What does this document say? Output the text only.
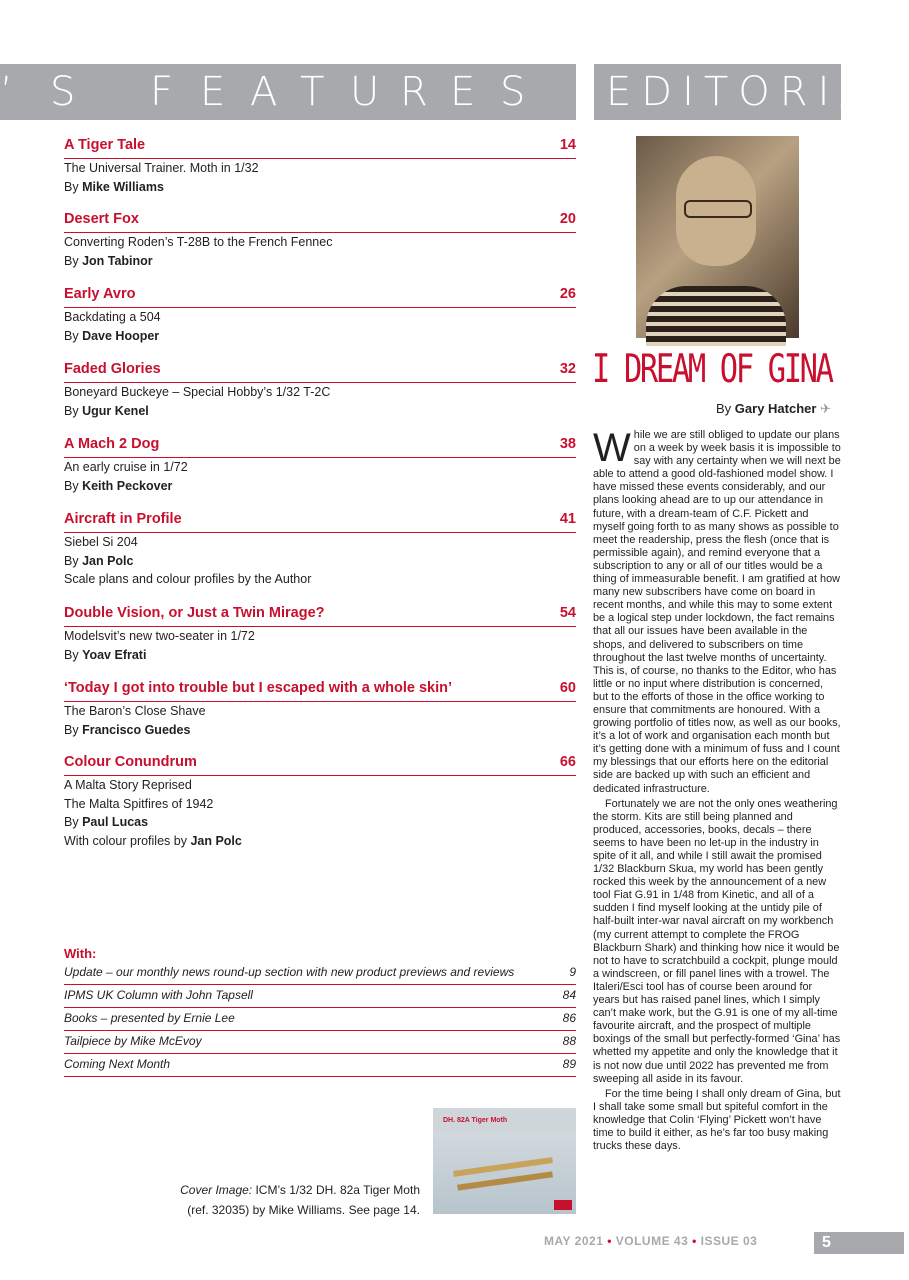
’ S F E A T U R E S	EDITORIAL
A Tiger Tale	14
The Universal Trainer. Moth in 1/32
By Mike Williams
Desert Fox	20
Converting Roden’s T-28B to the French Fennec
By Jon Tabinor
Early Avro	26
Backdating a 504
By Dave Hooper
Faded Glories	32
Boneyard Buckeye – Special Hobby’s 1/32 T-2C
By Ugur Kenel
A Mach 2 Dog	38
An early cruise in 1/72
By Keith Peckover
Aircraft in Profile	41
Siebel Si 204
By Jan Polc
Scale plans and colour profiles by the Author
Double Vision, or Just a Twin Mirage?	54
Modelsvit’s new two-seater in 1/72
By Yoav Efrati
‘Today I got into trouble but I escaped with a whole skin’	60
The Baron’s Close Shave
By Francisco Guedes
Colour Conundrum	66
A Malta Story Reprised
The Malta Spitfires of 1942
By Paul Lucas
With colour profiles by Jan Polc
With:
Update – our monthly news round-up section with new product previews and reviews	9
IPMS UK Column with John Tapsell	84
Books – presented by Ernie Lee	86
Tailpiece by Mike McEvoy	88
Coming Next Month	89
I DREAM OF GINA
By Gary Hatcher ✈

While we are still obliged to update our plans on a week by week basis it is impossible to say with any certainty when we will next be able to attend a good old-fashioned model show. I have missed these events considerably, and our plans looking ahead are to up our attendance in future, with a dream-team of C.F. Pickett and myself going forth to as many shows as possible to meet the readership, press the flesh (once that is permissible again), and remind everyone that a subscription to any or all of our titles would be a thing of immeasurable benefit. I am gratified at how many new subscribers have come on board in recent months, and while this may to some extent be a logical step under lockdown, the fact remains that all our issues have been available in the shops, and delivered to subscribers on time throughout the last twelve months of uncertainty. This is, of course, no thanks to the Editor, who has little or no input where distribution is concerned, but to the efforts of those in the office working to ensure that commitments are honoured. With a growing portfolio of titles now, as well as our books, it’s a lot of work and organisation each month but it’s getting done with a minimum of fuss and I count my blessings that our efforts here on the editorial side are backed up with such an efficient and dedicated infrastructure.

Fortunately we are not the only ones weathering the storm. Kits are still being planned and produced, accessories, books, decals – there seems to have been no let-up in the industry in spite of it all, and while I still await the promised 1/32 Blackburn Skua, my world has been gently rocked this week by the announcement of a new tool Fiat G.91 in 1/48 from Kinetic, and all of a sudden I find myself looking at the untidy pile of half-built inter-war naval aircraft on my workbench (my current attempt to complete the FROG Blackburn Shark) and thinking how nice it would be not to have to scratchbuild a cockpit, plunge mould a windscreen, or fill panel lines with a trowel. The Italeri/Esci tool has of course been around for years but has raised panel lines, which I simply can’t make work, but the G.91 is one of my all-time favourite aircraft, and the prospect of multiple boxings of the small but perfectly-formed ‘Gina’ has whetted my appetite and only the knowledge that it is not now due until 2022 has prevented me from sweeping all aside in its favour.

For the time being I shall only dream of Gina, but I shall take some small but spiteful comfort in the knowledge that Colin ‘Flying’ Pickett won’t have time to build it either, as he’s far too busy making trucks these days.

DH. 82A Tiger Moth
Cover Image: ICM’s 1/32 DH. 82a Tiger Moth
(ref. 32035) by Mike Williams. See page 14.
MAY 2021 • VOLUME 43 • ISSUE 03	5
